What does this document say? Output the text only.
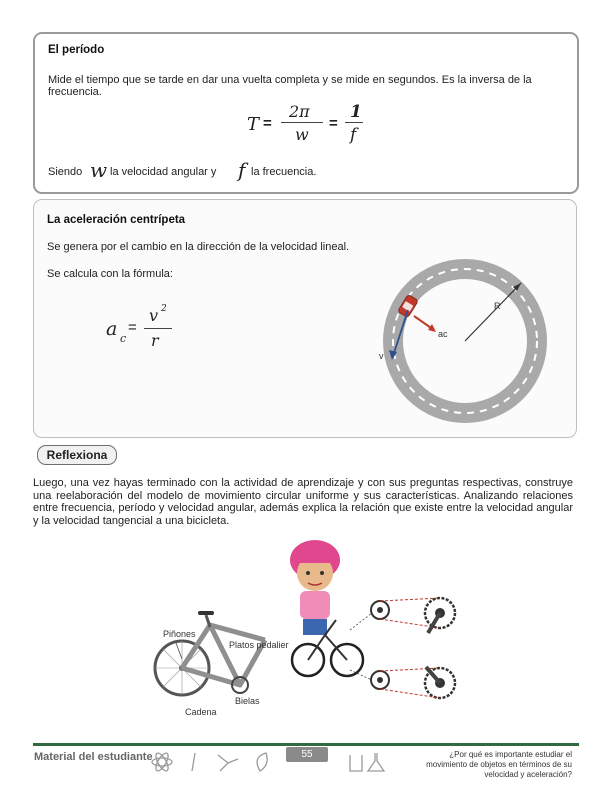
El período
Mide el tiempo que se tarde en dar una vuelta completa y se mide en segundos. Es la inversa de la frecuencia.
T =
2π
w
=
1
f
Siendo w la velocidad angular y f la frecuencia.
La aceleración centrípeta
Se genera por el cambio en la dirección de la velocidad lineal.
Se calcula con la fórmula:
a c
=
v 2
r
R
ac
v
Reflexiona
Luego, una vez hayas terminado con la actividad de aprendizaje y con sus preguntas respectivas, construye una reelaboración del modelo de movimiento circular uniforme y sus características. Analizando relaciones entre frecuencia, período y velocidad angular, además explica la relación que existe entre la velocidad angular y la velocidad tangencial a una bicicleta.
Piñones
Platos pedalier
Bielas
Cadena
Material del estudiante	55	¿Por qué es importante estudiar el movimiento de objetos en términos de su velocidad y aceleración?
